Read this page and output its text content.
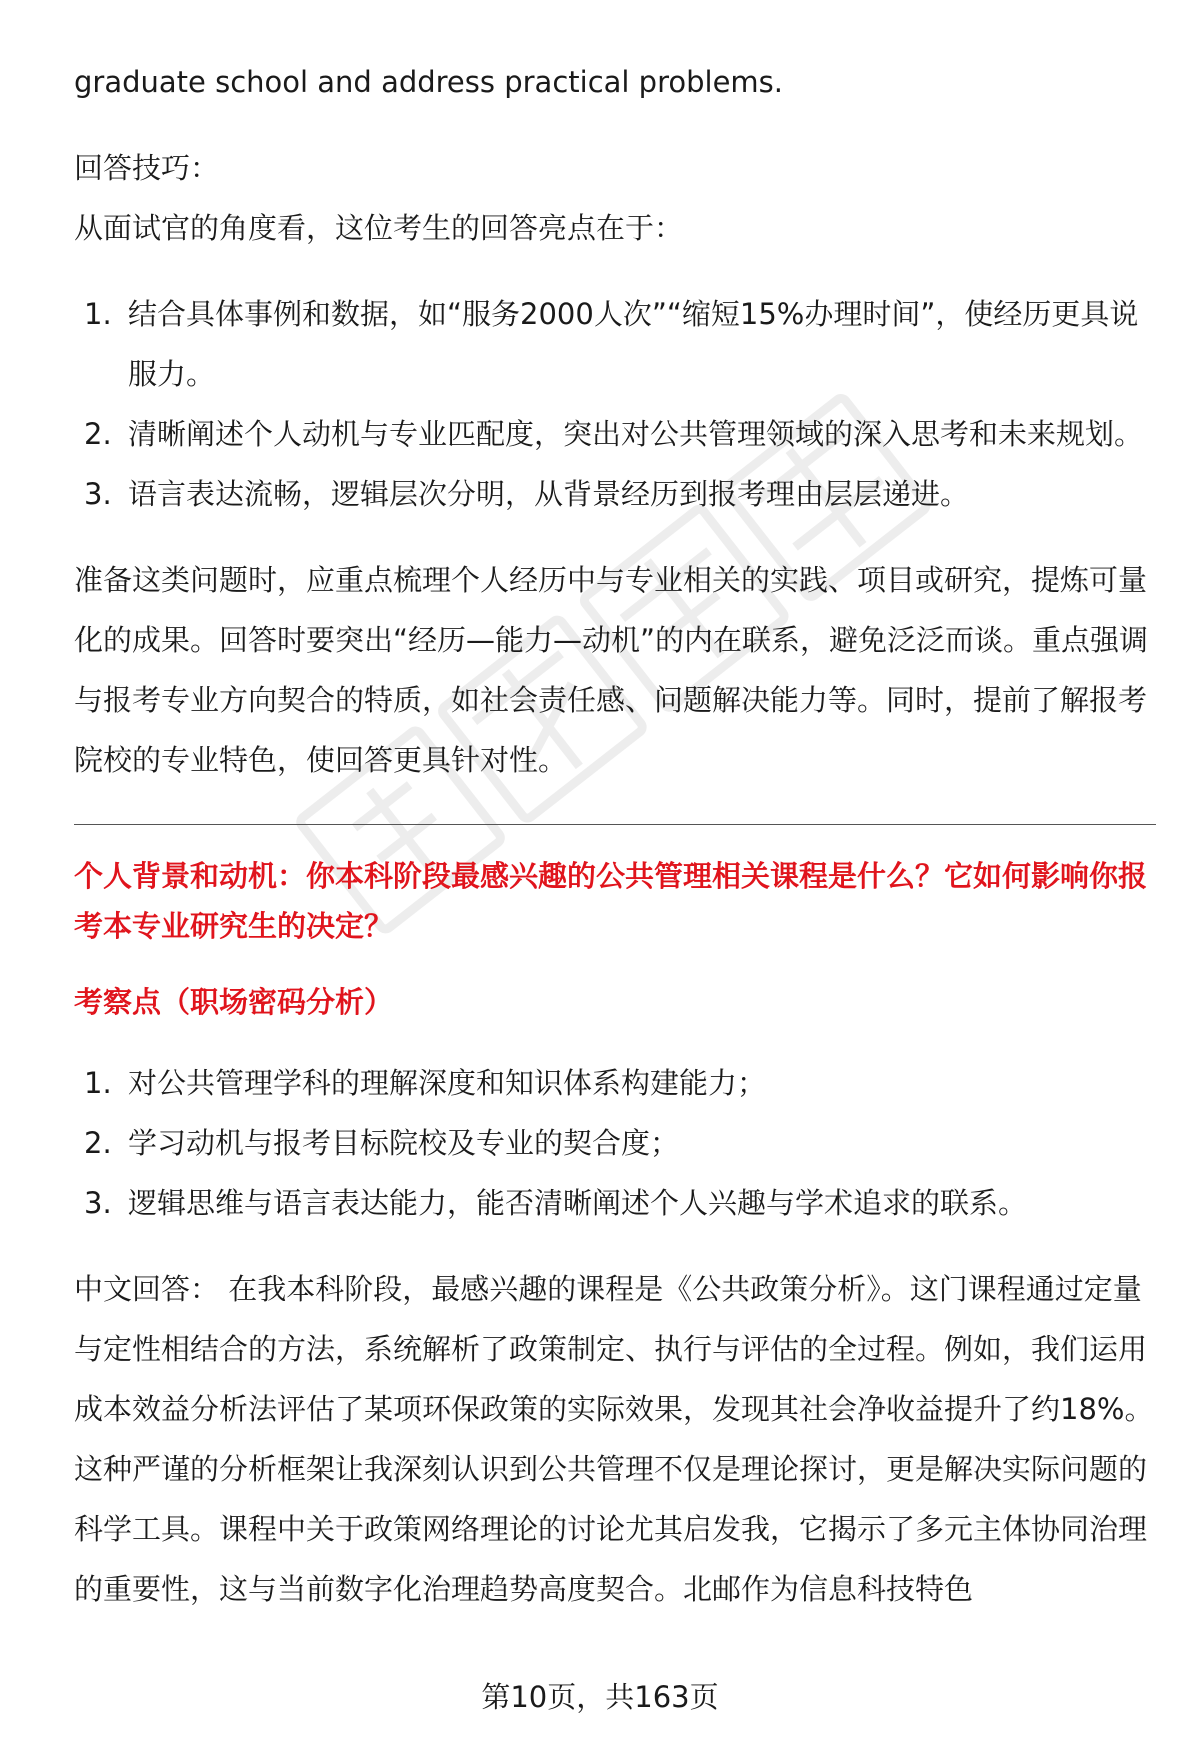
graduate school and address practical problems.

回答技巧：

从面试官的角度看，这位考生的回答亮点在于：

1. 结合具体事例和数据，如“服务2000人次”“缩短15%办理时间”，使经历更具说服力。
2. 清晰阐述个人动机与专业匹配度，突出对公共管理领域的深入思考和未来规划。
3. 语言表达流畅，逻辑层次分明，从背景经历到报考理由层层递进。

准备这类问题时，应重点梳理个人经历中与专业相关的实践、项目或研究，提炼可量化的成果。回答时要突出“经历—能力—动机”的内在联系，避免泛泛而谈。重点强调与报考专业方向契合的特质，如社会责任感、问题解决能力等。同时，提前了解报考院校的专业特色，使回答更具针对性。

个人背景和动机：你本科阶段最感兴趣的公共管理相关课程是什么？它如何影响你报考本专业研究生的决定？

考察点（职场密码分析）

1. 对公共管理学科的理解深度和知识体系构建能力；
2. 学习动机与报考目标院校及专业的契合度；
3. 逻辑思维与语言表达能力，能否清晰阐述个人兴趣与学术追求的联系。

中文回答： 在我本科阶段，最感兴趣的课程是《公共政策分析》。这门课程通过定量与定性相结合的方法，系统解析了政策制定、执行与评估的全过程。例如，我们运用成本效益分析法评估了某项环保政策的实际效果，发现其社会净收益提升了约18%。这种严谨的分析框架让我深刻认识到公共管理不仅是理论探讨，更是解决实际问题的科学工具。课程中关于政策网络理论的讨论尤其启发我，它揭示了多元主体协同治理的重要性，这与当前数字化治理趋势高度契合。北邮作为信息科技特色

第10页，共163页
